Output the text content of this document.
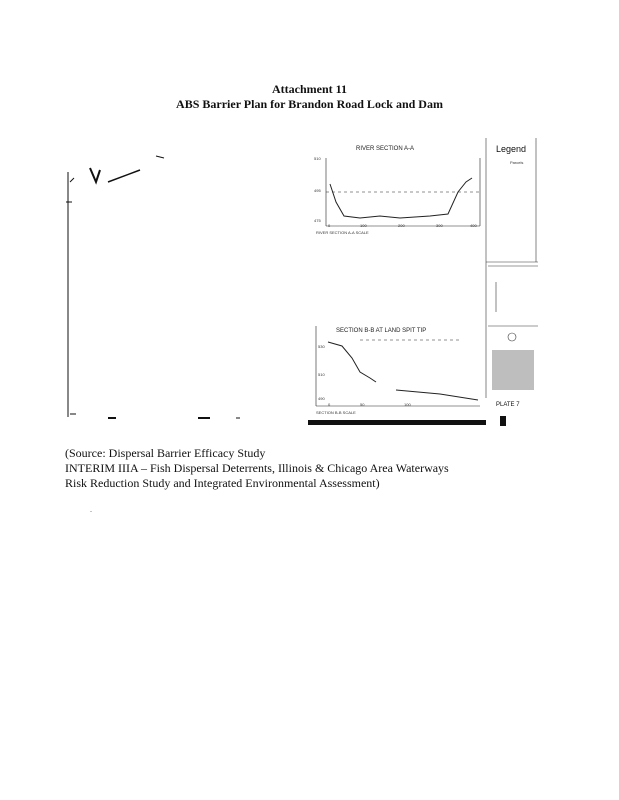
Attachment 11
ABS Barrier Plan for Brandon Road Lock and Dam
RIVER SECTION A-A
RIVER SECTION A-A SCALE
510
495
475
0	100	200	300	400
SECTION B-B AT LAND SPIT TIP
SECTION B-B SCALE
530
510
490
0	50	100
Legend
Parcels
PLATE 7
(Source: Dispersal Barrier Efficacy Study
INTERIM IIIA – Fish Dispersal Deterrents, Illinois & Chicago Area Waterways
Risk Reduction Study and Integrated Environmental Assessment)
.
